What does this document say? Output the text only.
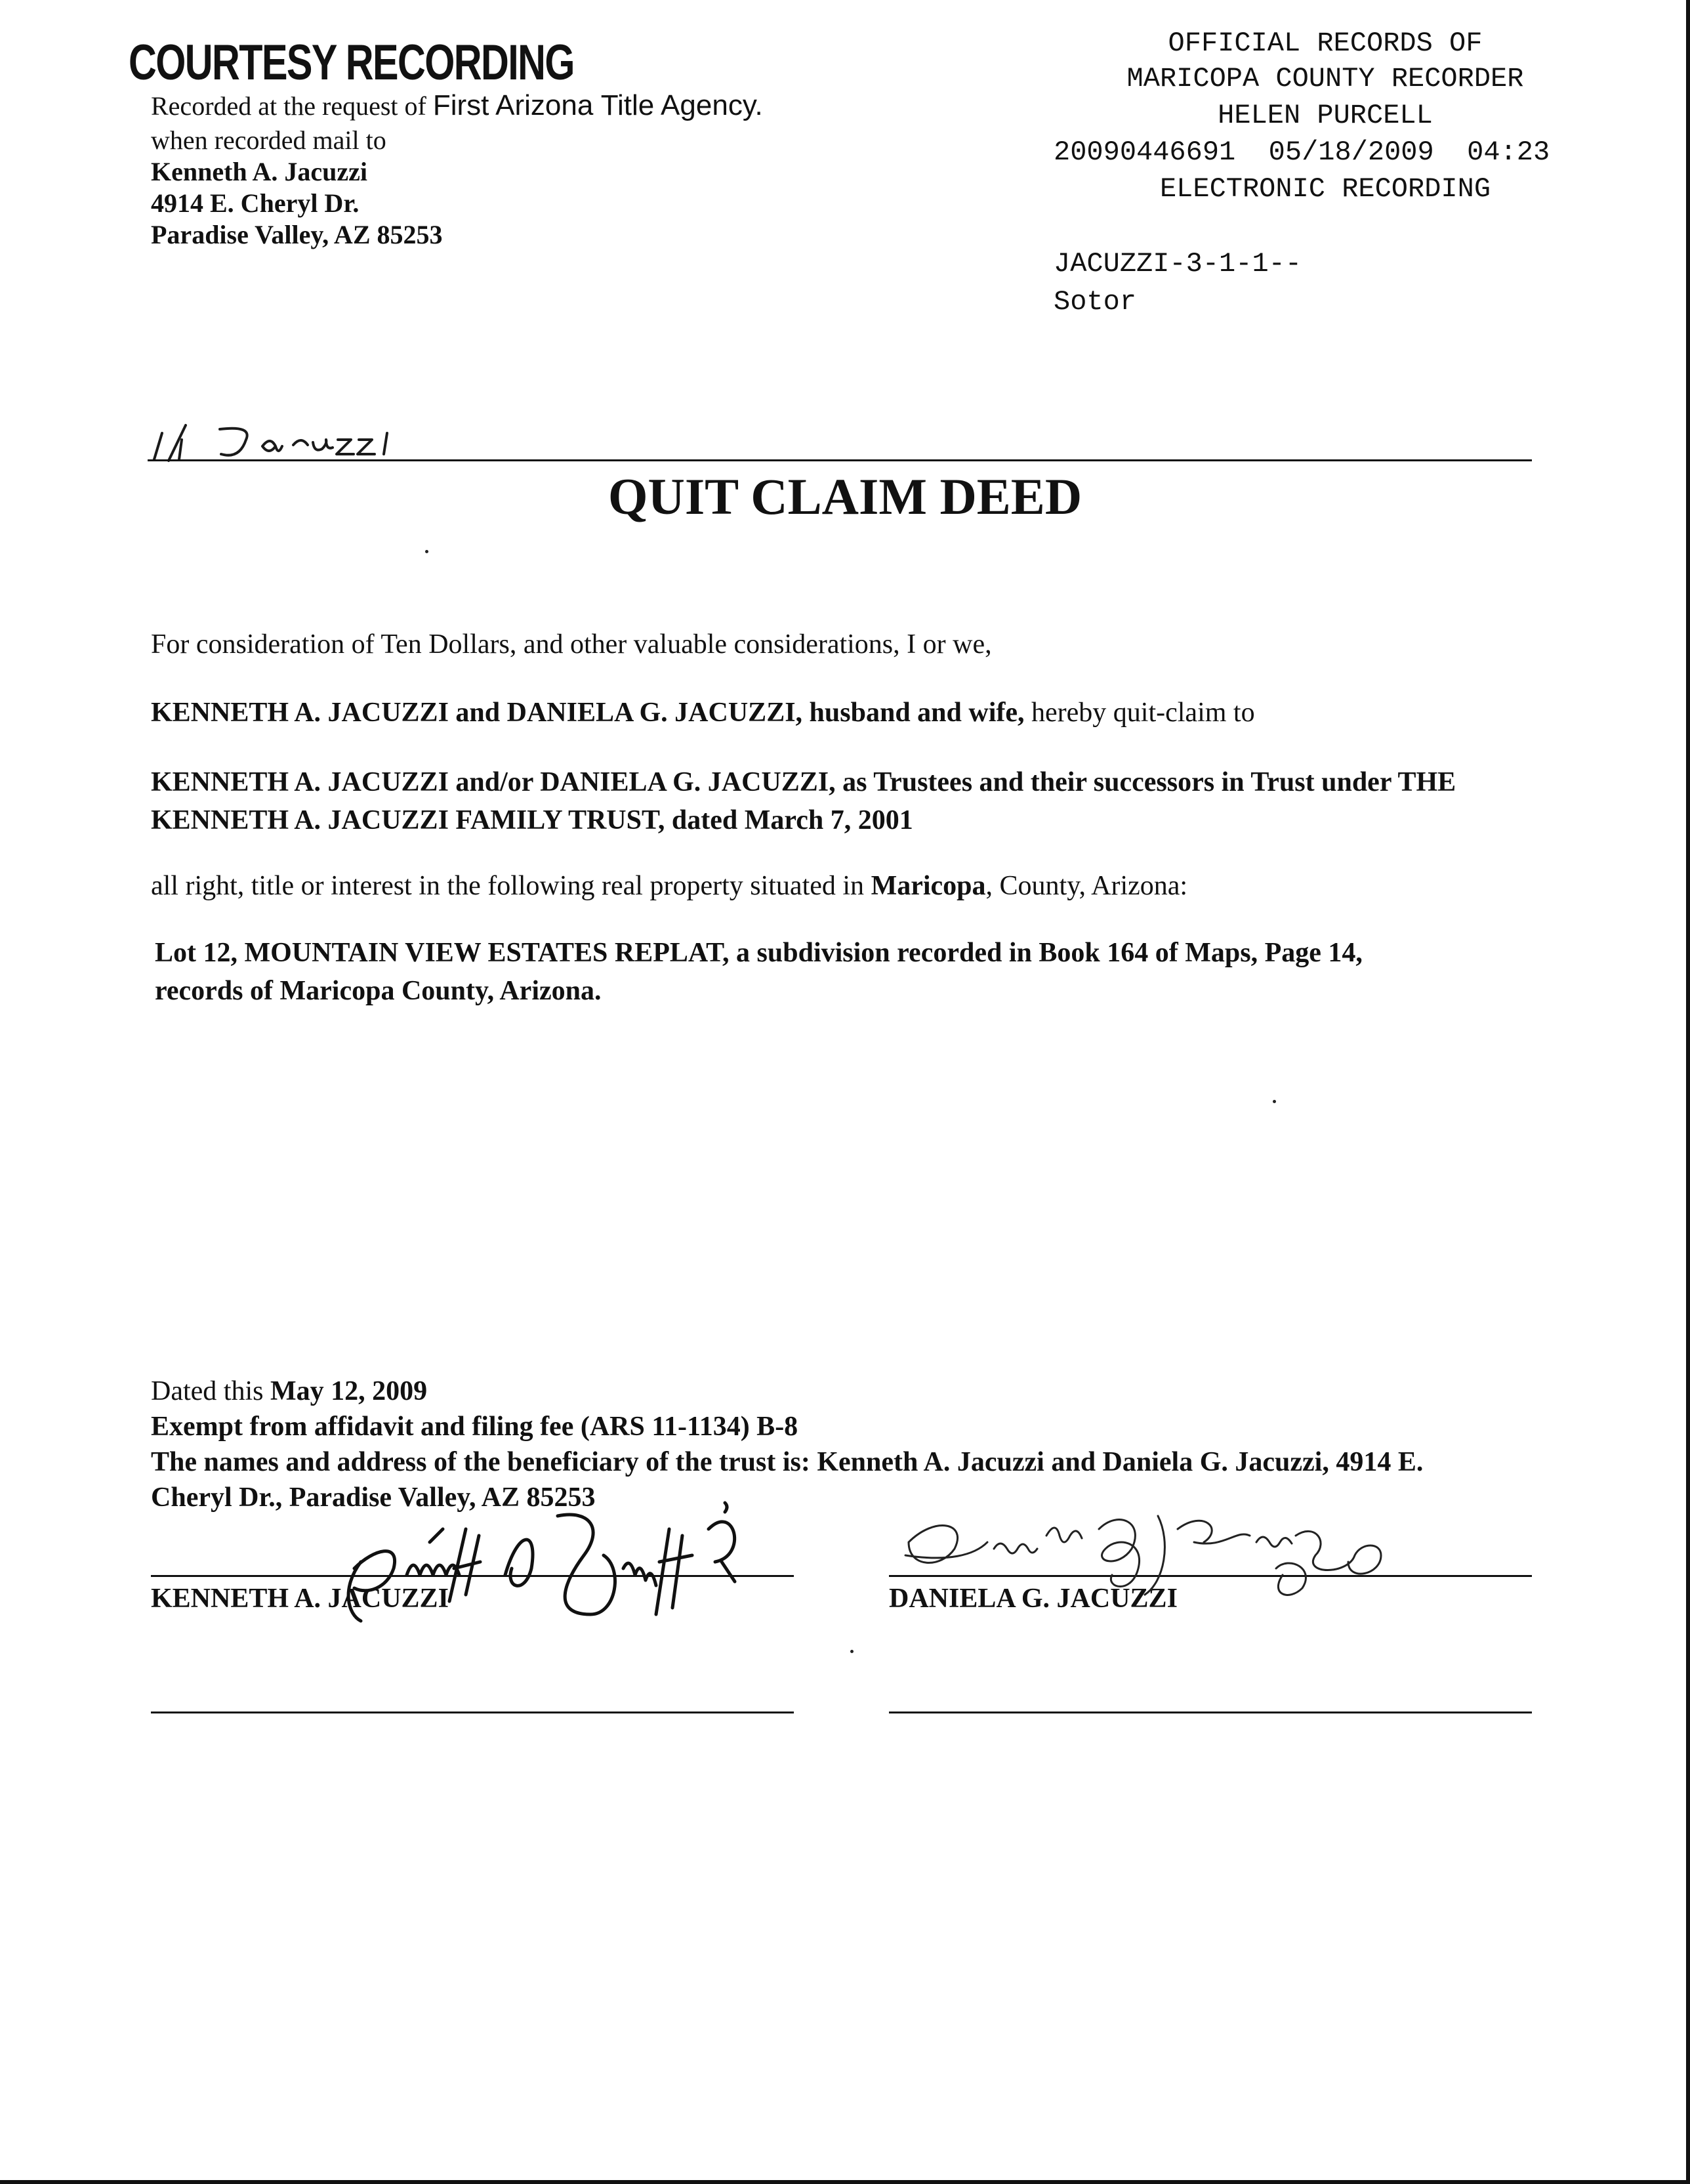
COURTESY RECORDING
Recorded at the request of First Arizona Title Agency.
when recorded mail to
Kenneth A. Jacuzzi
4914 E. Cheryl Dr.
Paradise Valley, AZ 85253
OFFICIAL RECORDS OF
MARICOPA COUNTY RECORDER
HELEN PURCELL
20090446691 05/18/2009 04:23
ELECTRONIC RECORDING
JACUZZI-3-1-1--
Sotor
QUIT CLAIM DEED
For consideration of Ten Dollars, and other valuable considerations, I or we,
KENNETH A. JACUZZI and DANIELA G. JACUZZI, husband and wife, hereby quit-claim to
KENNETH A. JACUZZI and/or DANIELA G. JACUZZI, as Trustees and their successors in Trust under THE
KENNETH A. JACUZZI FAMILY TRUST, dated March 7, 2001
all right, title or interest in the following real property situated in Maricopa, County, Arizona:
Lot 12, MOUNTAIN VIEW ESTATES REPLAT, a subdivision recorded in Book 164 of Maps, Page 14,
records of Maricopa County, Arizona.
Dated this May 12, 2009
Exempt from affidavit and filing fee (ARS 11-1134) B-8
The names and address of the beneficiary of the trust is: Kenneth A. Jacuzzi and Daniela G. Jacuzzi, 4914 E.
Cheryl Dr., Paradise Valley, AZ 85253
KENNETH A. JACUZZI	DANIELA G. JACUZZI
